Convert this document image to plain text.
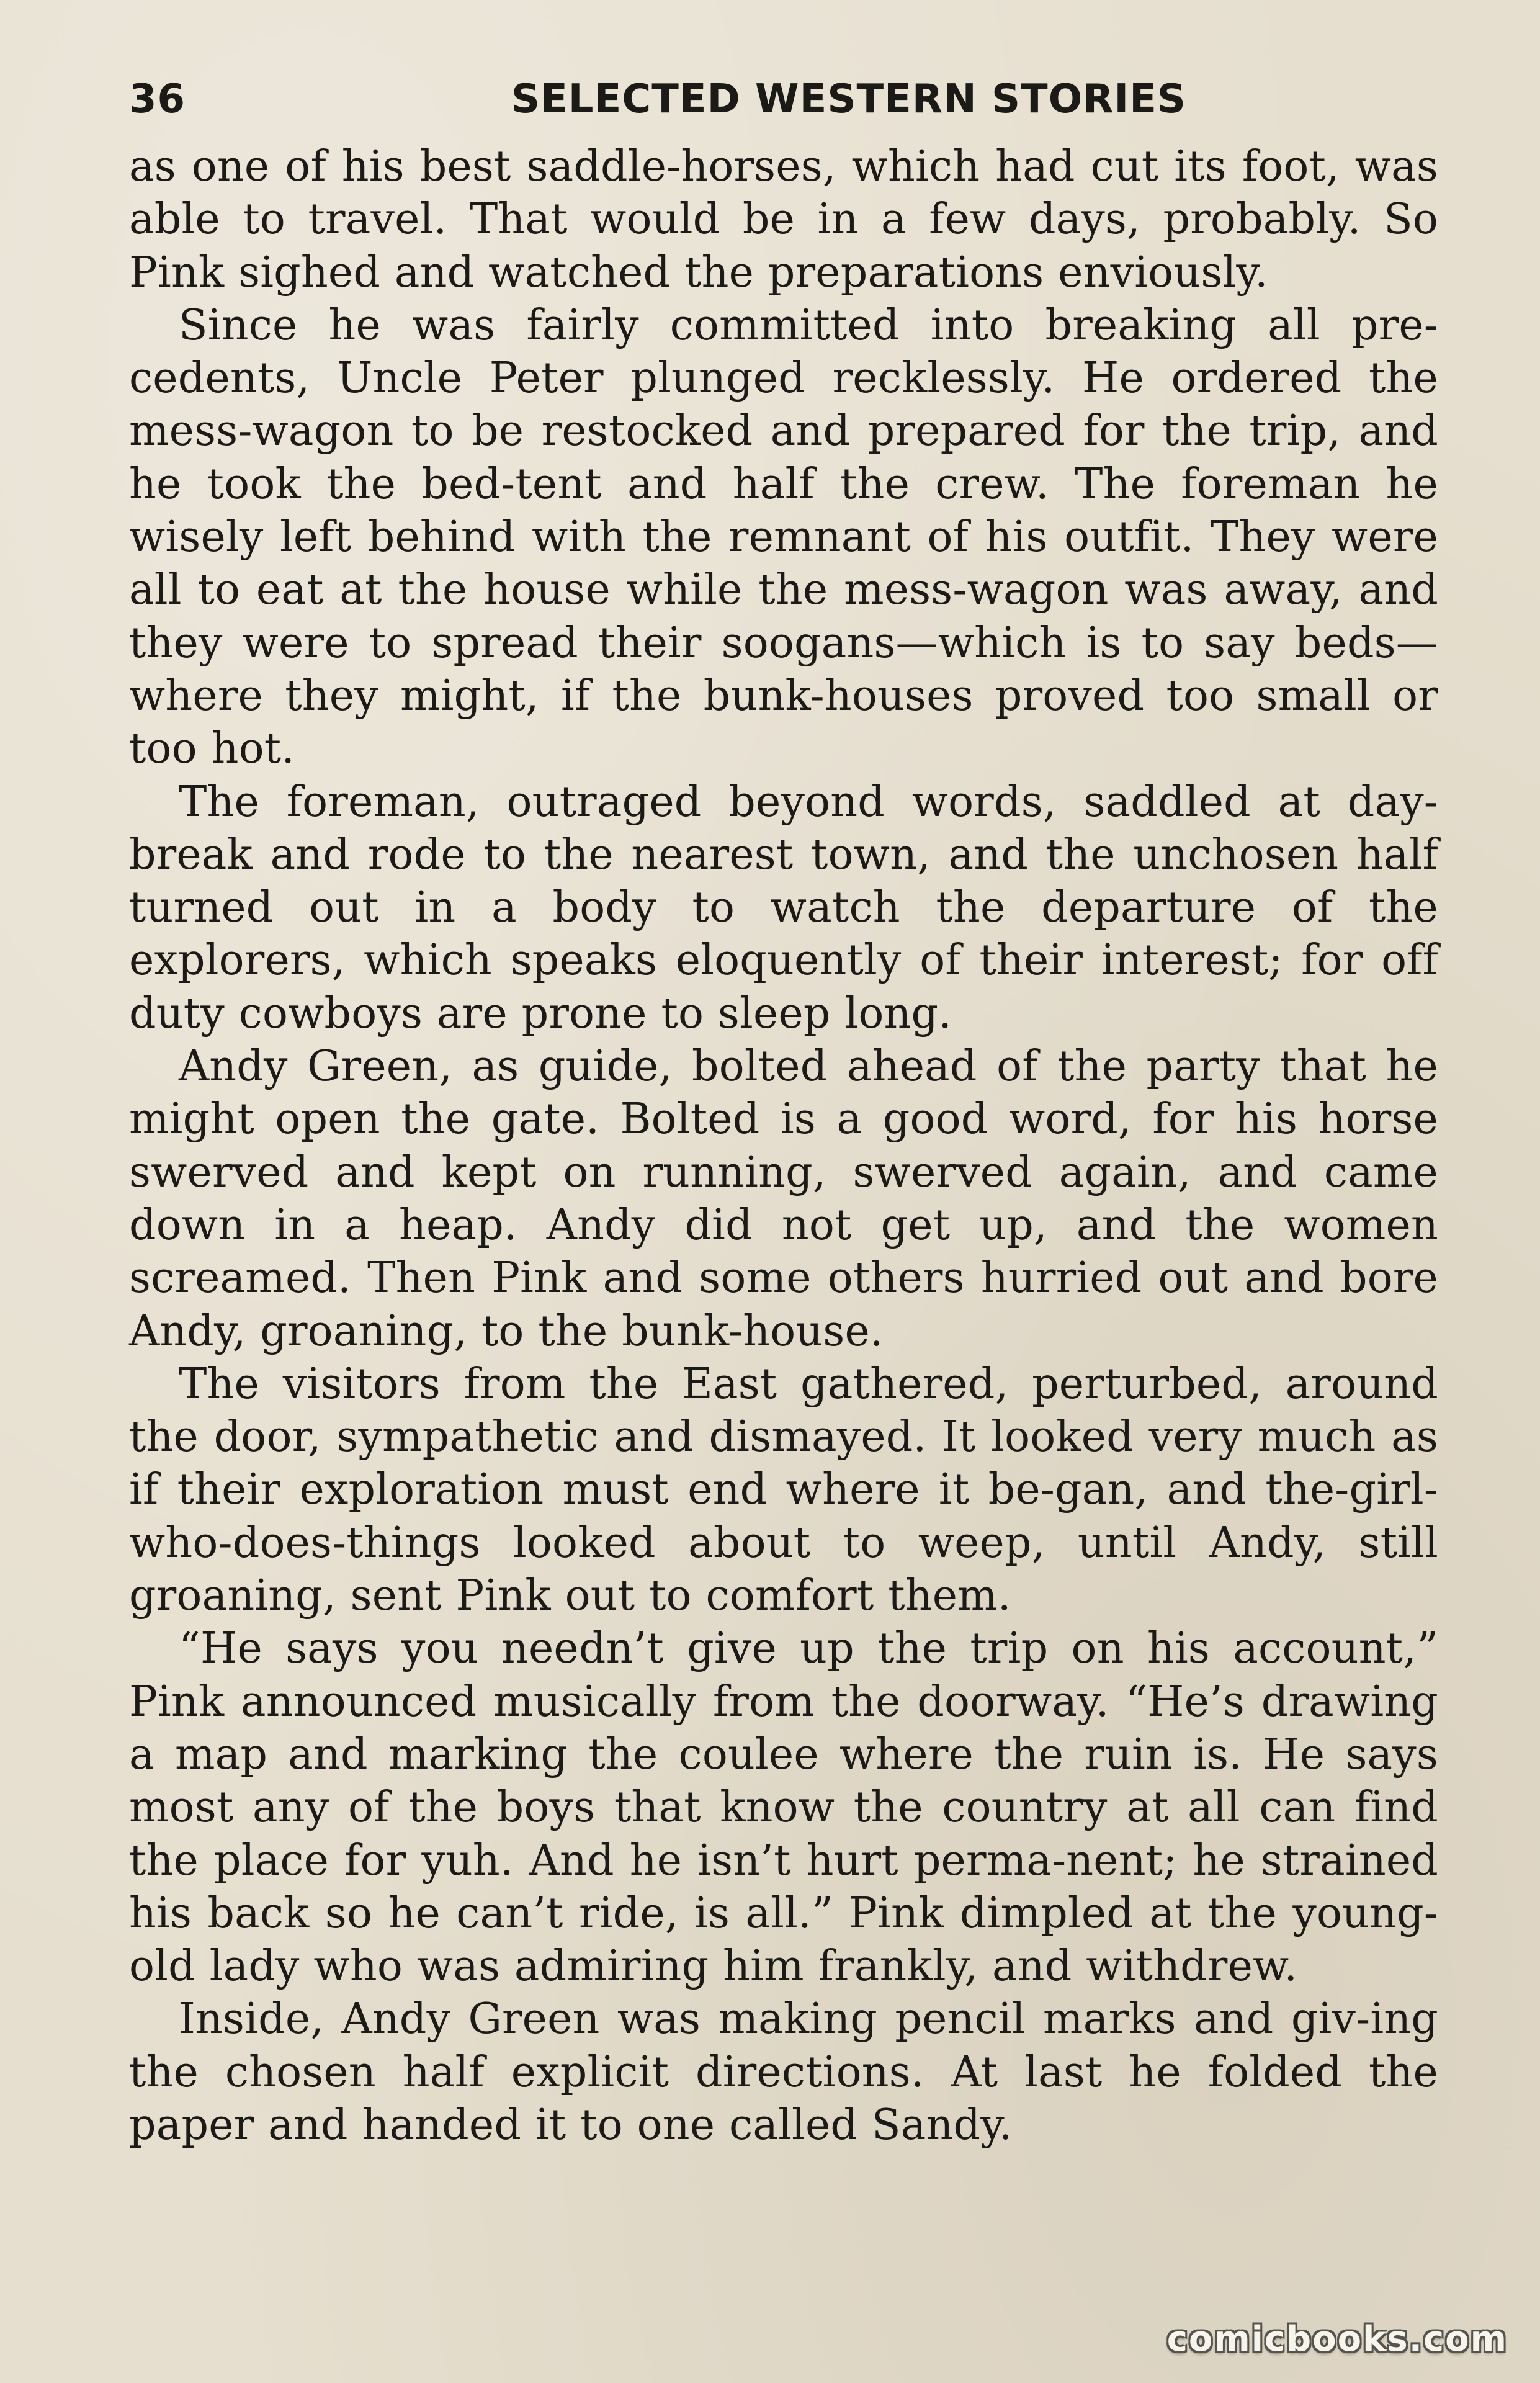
36	SELECTED WESTERN STORIES

as one of his best saddle-horses, which had cut its foot, was able to travel. That would be in a few days, probably. So Pink sighed and watched the preparations enviously.

Since he was fairly committed into breaking all pre-cedents, Uncle Peter plunged recklessly. He ordered the mess-wagon to be restocked and prepared for the trip, and he took the bed-tent and half the crew. The foreman he wisely left behind with the remnant of his outfit. They were all to eat at the house while the mess-wagon was away, and they were to spread their soogans—which is to say beds—where they might, if the bunk-houses proved too small or too hot.

The foreman, outraged beyond words, saddled at day-break and rode to the nearest town, and the unchosen half turned out in a body to watch the departure of the explorers, which speaks eloquently of their interest; for off duty cowboys are prone to sleep long.

Andy Green, as guide, bolted ahead of the party that he might open the gate. Bolted is a good word, for his horse swerved and kept on running, swerved again, and came down in a heap. Andy did not get up, and the women screamed. Then Pink and some others hurried out and bore Andy, groaning, to the bunk-house.

The visitors from the East gathered, perturbed, around the door, sympathetic and dismayed. It looked very much as if their exploration must end where it be-gan, and the-girl-who-does-things looked about to weep, until Andy, still groaning, sent Pink out to comfort them.

“He says you needn’t give up the trip on his account,” Pink announced musically from the doorway. “He’s drawing a map and marking the coulee where the ruin is. He says most any of the boys that know the country at all can find the place for yuh. And he isn’t hurt perma-nent; he strained his back so he can’t ride, is all.” Pink dimpled at the young-old lady who was admiring him frankly, and withdrew.

Inside, Andy Green was making pencil marks and giv-ing the chosen half explicit directions. At last he folded the paper and handed it to one called Sandy.

comicbooks.com
